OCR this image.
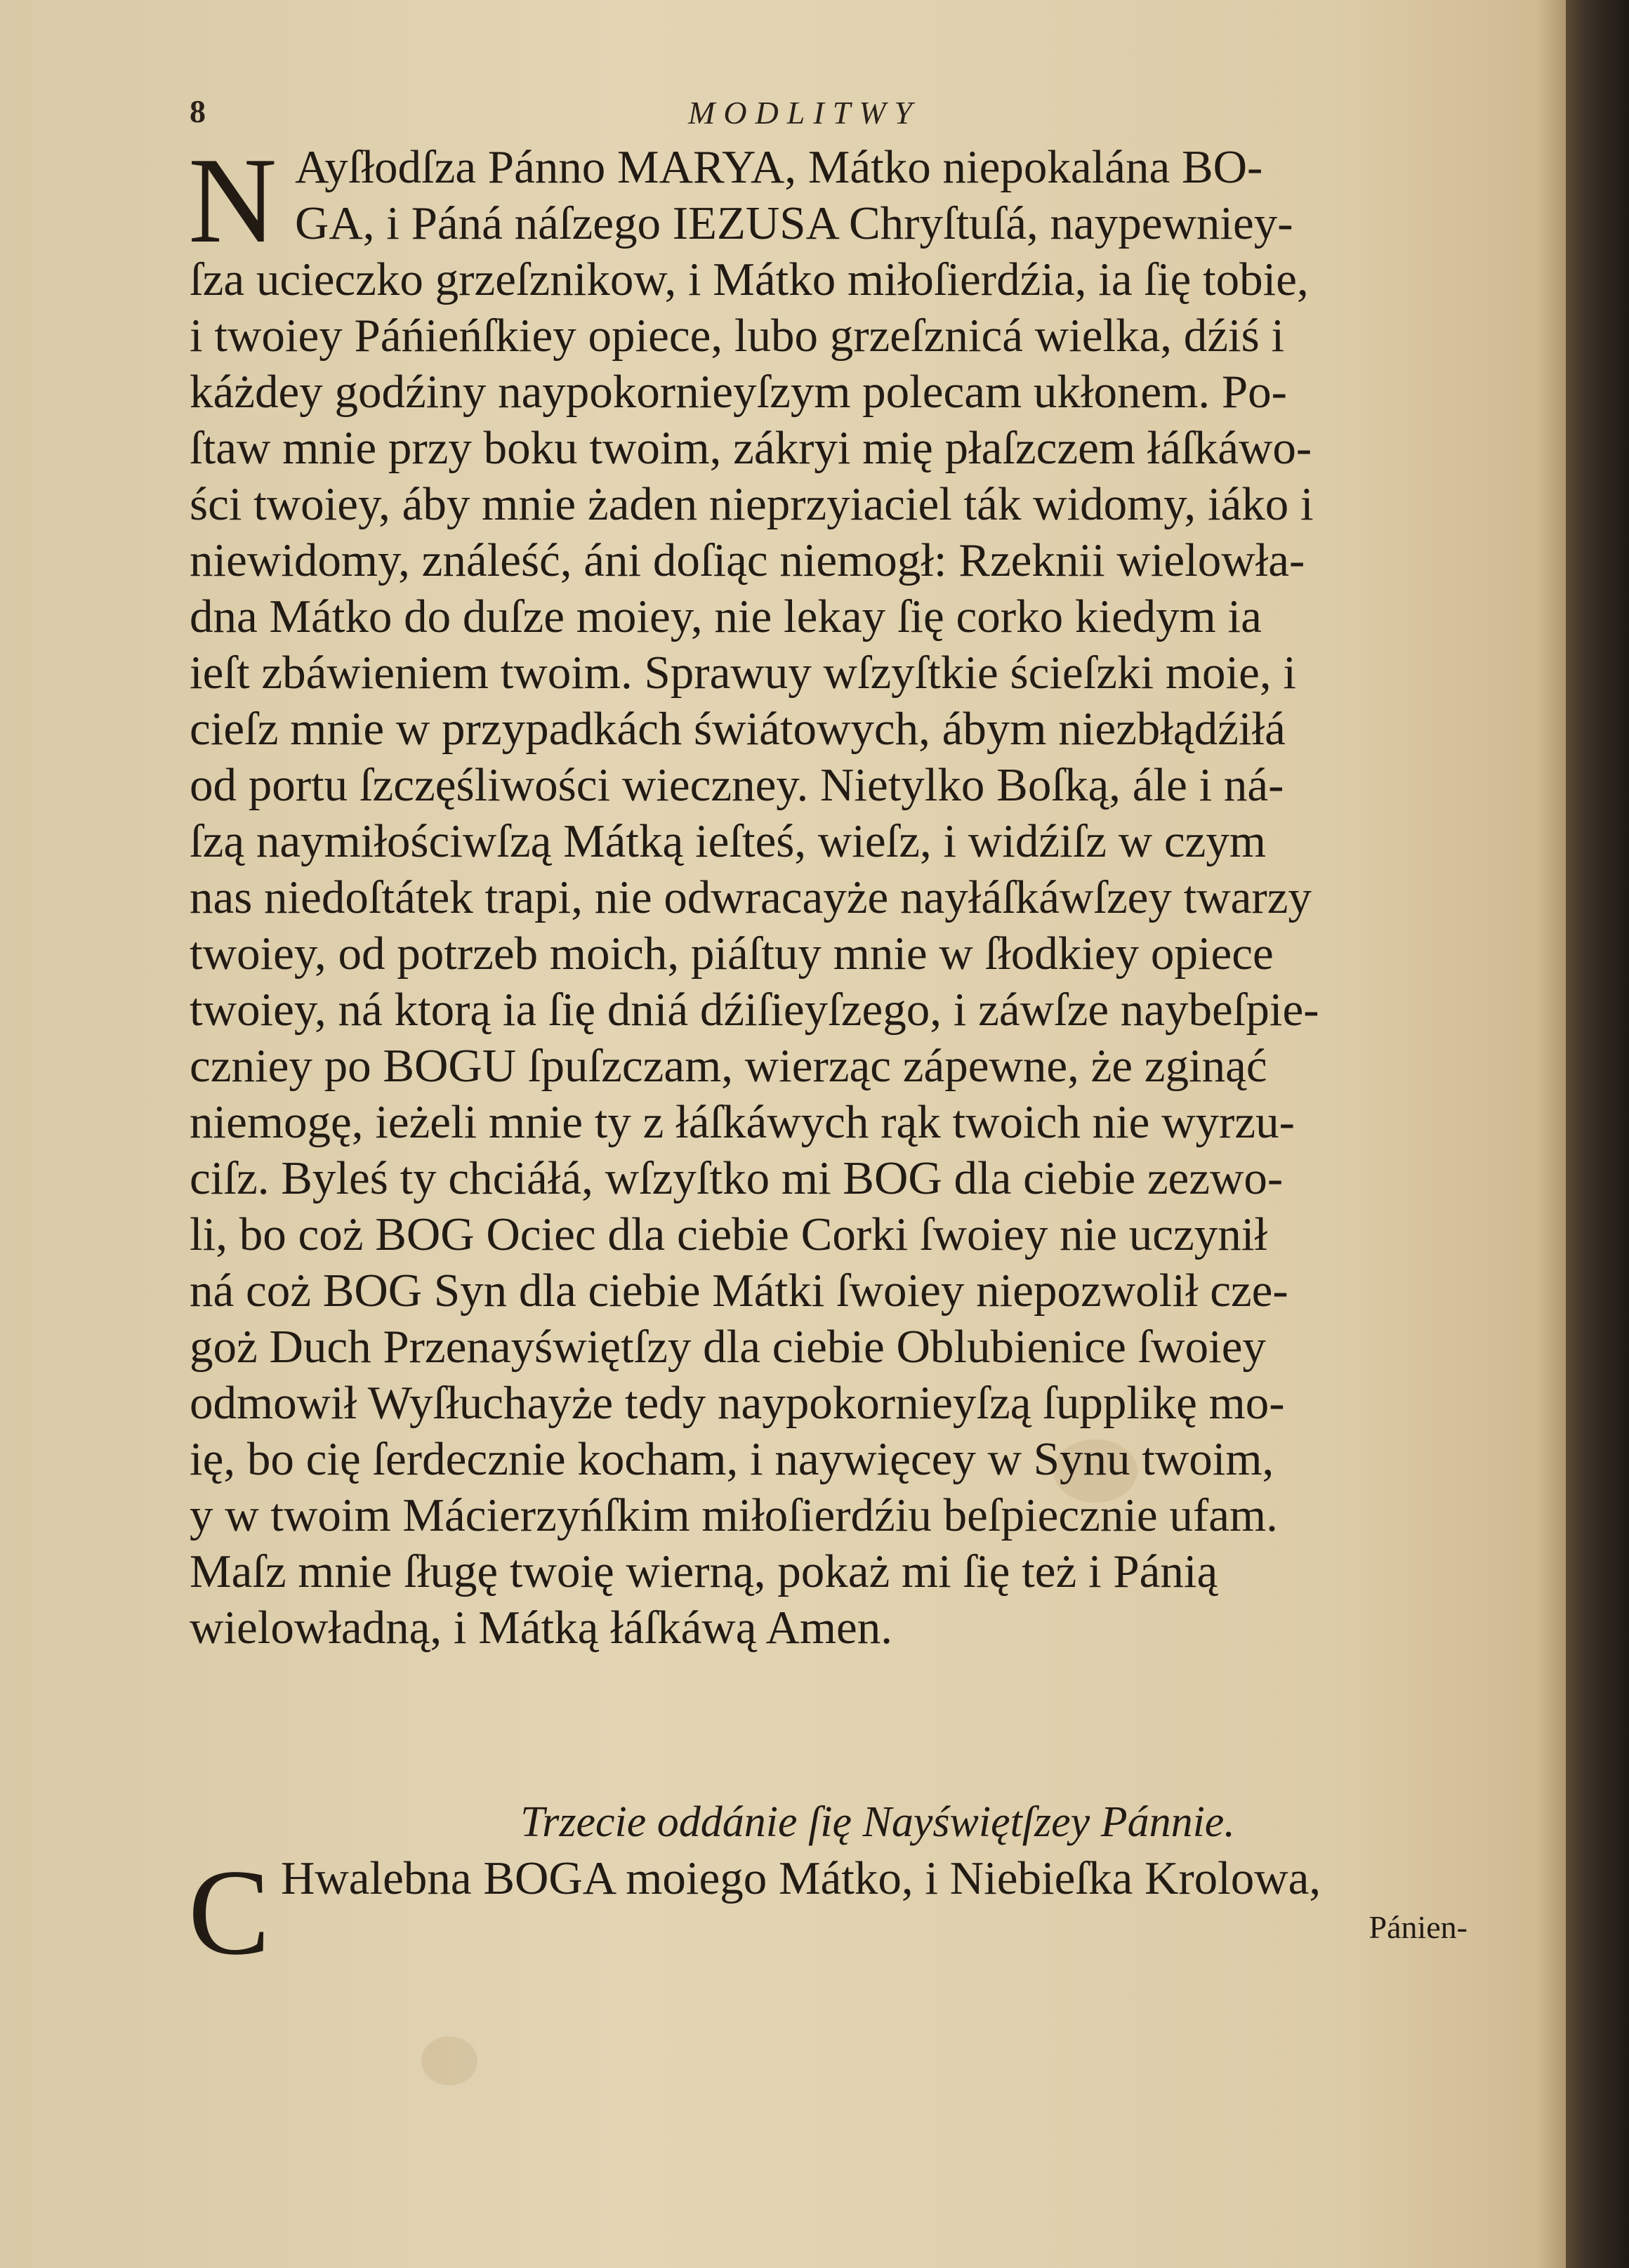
8	MODLITWY
N Ayſłodſza Pánno MARYA, Mátko niepokalána BO-
GA, i Páná náſzego IEZUSA Chryſtuſá, naypewniey-
ſza ucieczko grzeſznikow, i Mátko miłoſierdźia, ia ſię tobie,
i twoiey Páńieńſkiey opiece, lubo grzeſznicá wielka, dźiś i
káżdey godźiny naypokornieyſzym polecam ukłonem. Po-
ſtaw mnie przy boku twoim, zákryi mię płaſzczem łáſkáwo-
ści twoiey, áby mnie żaden nieprzyiaciel ták widomy, iáko i
niewidomy, ználeść, áni doſiąc niemogł: Rzeknii wielowła-
dna Mátko do duſze moiey, nie lekay ſię corko kiedym ia
ieſt zbáwieniem twoim. Sprawuy wſzyſtkie ścieſzki moie, i
cieſz mnie w przypadkách świátowych, ábym niezbłądźiłá
od portu ſzczęśliwości wieczney. Nietylko Boſką, ále i ná-
ſzą naymiłościwſzą Mátką ieſteś, wieſz, i widźiſz w czym
nas niedoſtátek trapi, nie odwracayże nayłáſkáwſzey twarzy
twoiey, od potrzeb moich, piáſtuy mnie w ſłodkiey opiece
twoiey, ná ktorą ia ſię dniá dźiſieyſzego, i záwſze naybeſpie-
czniey po BOGU ſpuſzczam, wierząc zápewne, że zginąć
niemogę, ieżeli mnie ty z łáſkáwych rąk twoich nie wyrzu-
ciſz. Byleś ty chciáłá, wſzyſtko mi BOG dla ciebie zezwo-
li, bo coż BOG Ociec dla ciebie Corki ſwoiey nie uczynił
ná coż BOG Syn dla ciebie Mátki ſwoiey niepozwolił cze-
goż Duch Przenayświętſzy dla ciebie Oblubienice ſwoiey
odmowił Wyſłuchayże tedy naypokornieyſzą ſupplikę mo-
ię, bo cię ſerdecznie kocham, i naywięcey w Synu twoim,
y w twoim Mácierzyńſkim miłoſierdźiu beſpiecznie ufam.
Maſz mnie ſługę twoię wierną, pokaż mi ſię też i Pánią
wielowładną, i Mátką łáſkáwą Amen.
Trzecie oddánie ſię Nayświętſzey Pánnie.
C Hwalebna BOGA moiego Mátko, i Niebieſka Krolowa,
Pánien-
